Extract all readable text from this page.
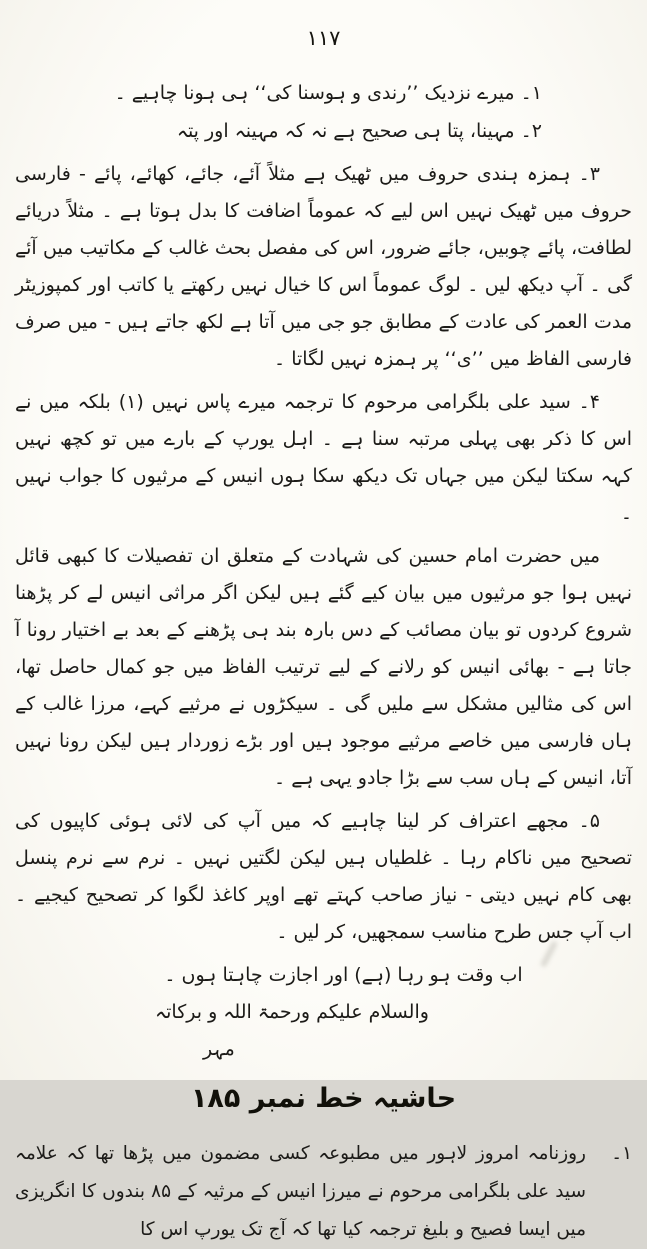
۱۱۷
۱۔ میرے نزدیک ’’رندی و ہوسنا کی‘‘ ہی ہونا چاہیے ۔
۲۔ مہینا، پتا ہی صحیح ہے نہ کہ مہینہ اور پتہ

۳۔ ہمزہ ہندی حروف میں ٹھیک ہے مثلاً آئے، جائے، کھائے، پائے - فارسی حروف میں ٹھیک نہیں اس لیے کہ عموماً اضافت کا بدل ہوتا ہے ۔ مثلاً دریائے لطافت، پائے چوبیں، جائے ضرور، اس کی مفصل بحث غالب کے مکاتیب میں آئے گی ۔ آپ دیکھ لیں ۔ لوگ عموماً اس کا خیال نہیں رکھتے یا کاتب اور کمپوزیٹر مدت العمر کی عادت کے مطابق جو جی میں آتا ہے لکھ جاتے ہیں - میں صرف فارسی الفاظ میں ’’ی‘‘ پر ہمزہ نہیں لگاتا ۔

۴۔ سید علی بلگرامی مرحوم کا ترجمہ میرے پاس نہیں (۱) بلکہ میں نے اس کا ذکر بھی پہلی مرتبہ سنا ہے ۔ اہل یورپ کے بارے میں تو کچھ نہیں کہہ سکتا لیکن میں جہاں تک دیکھ سکا ہوں انیس کے مرثیوں کا جواب نہیں ۔

میں حضرت امام حسین کی شہادت کے متعلق ان تفصیلات کا کبھی قائل نہیں ہوا جو مرثیوں میں بیان کیے گئے ہیں لیکن اگر مراثی انیس لے کر پڑھنا شروع کردوں تو بیان مصائب کے دس بارہ بند ہی پڑھنے کے بعد بے اختیار رونا آ جاتا ہے - بھائی انیس کو رلانے کے لیے ترتیب الفاظ میں جو کمال حاصل تھا، اس کی مثالیں مشکل سے ملیں گی ۔ سیکڑوں نے مرثیے کہے، مرزا غالب کے ہاں فارسی میں خاصے مرثیے موجود ہیں اور بڑے زوردار ہیں لیکن رونا نہیں آتا، انیس کے ہاں سب سے بڑا جادو یہی ہے ۔

۵۔ مجھے اعتراف کر لینا چاہیے کہ میں آپ کی لائی ہوئی کاپیوں کی تصحیح میں ناکام رہا ۔ غلطیاں ہیں لیکن لگتیں نہیں ۔ نرم سے نرم پنسل بھی کام نہیں دیتی - نیاز صاحب کہتے تھے اوپر کاغذ لگوا کر تصحیح کیجیے ۔ اب آپ جس طرح مناسب سمجھیں، کر لیں ۔

اب وقت ہو رہا (ہے) اور اجازت چاہتا ہوں ۔
والسلام علیکم ورحمۃ اللہ و برکاتہ
مہر
حاشیہ خط نمبر ۱۸۵
۱۔
روزنامہ امروز لاہور میں مطبوعہ کسی مضمون میں پڑھا تھا کہ علامہ سید علی بلگرامی مرحوم نے میرزا انیس کے مرثیہ کے ۸۵ بندوں کا انگریزی میں ایسا فصیح و بلیغ ترجمہ کیا تھا کہ آج تک یورپ اس کا
